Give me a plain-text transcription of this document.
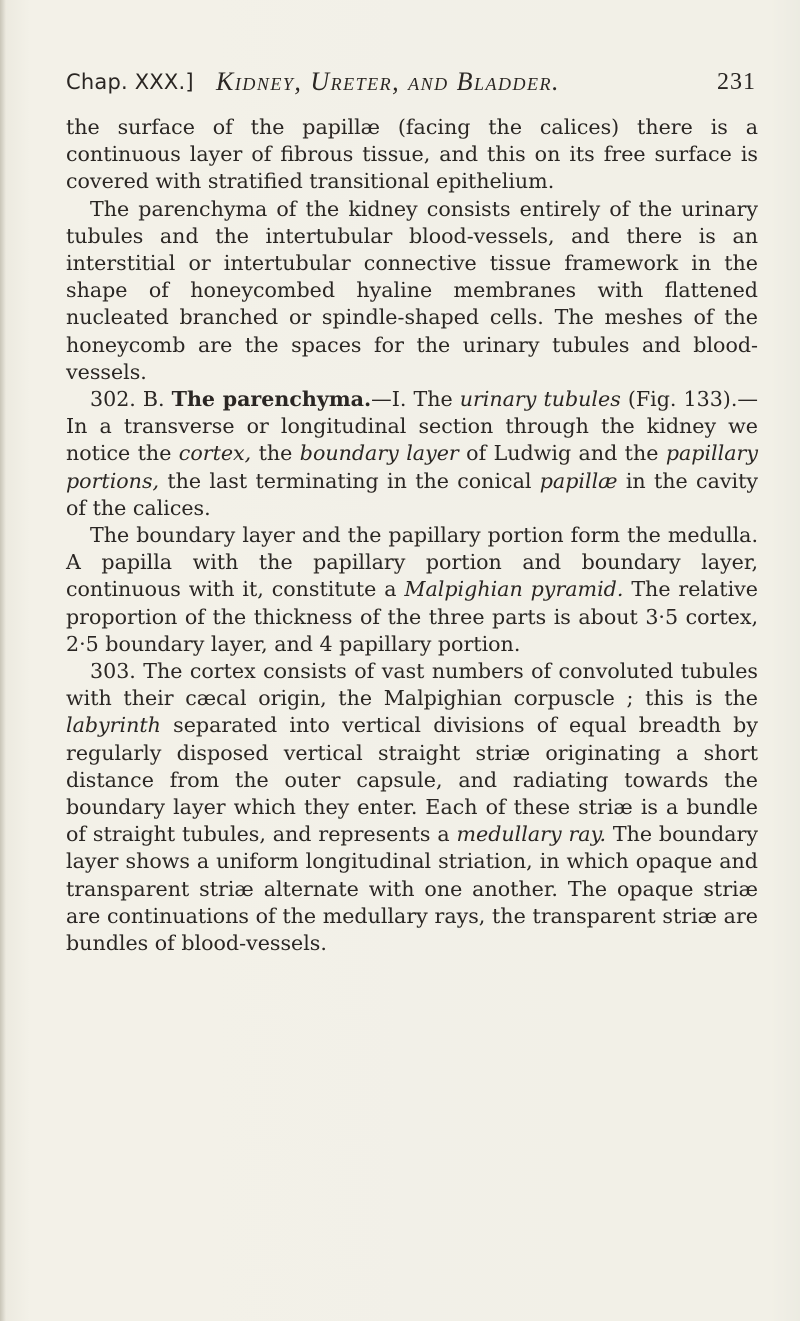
Chap. XXX.] Kidney, Ureter, and Bladder.	231

the surface of the papillæ (facing the calices) there is a continuous layer of fibrous tissue, and this on its free surface is covered with stratified transitional epithelium.

The parenchyma of the kidney consists entirely of the urinary tubules and the intertubular blood-vessels, and there is an interstitial or intertubular connective tissue framework in the shape of honeycombed hyaline membranes with flattened nucleated branched or spindle-shaped cells. The meshes of the honeycomb are the spaces for the urinary tubules and blood-vessels.

302. B. The parenchyma.—I. The urinary tubules (Fig. 133).—In a transverse or longitudinal section through the kidney we notice the cortex, the boundary layer of Ludwig and the papillary portions, the last terminating in the conical papillæ in the cavity of the calices.

The boundary layer and the papillary portion form the medulla. A papilla with the papillary portion and boundary layer, continuous with it, constitute a Malpighian pyramid. The relative proportion of the thickness of the three parts is about 3·5 cortex, 2·5 boundary layer, and 4 papillary portion.

303. The cortex consists of vast numbers of convoluted tubules with their cæcal origin, the Malpighian corpuscle ; this is the labyrinth separated into vertical divisions of equal breadth by regularly disposed vertical straight striæ originating a short distance from the outer capsule, and radiating towards the boundary layer which they enter. Each of these striæ is a bundle of straight tubules, and represents a medullary ray. The boundary layer shows a uniform longitudinal striation, in which opaque and transparent striæ alternate with one another. The opaque striæ are continuations of the medullary rays, the transparent striæ are bundles of blood-vessels.
